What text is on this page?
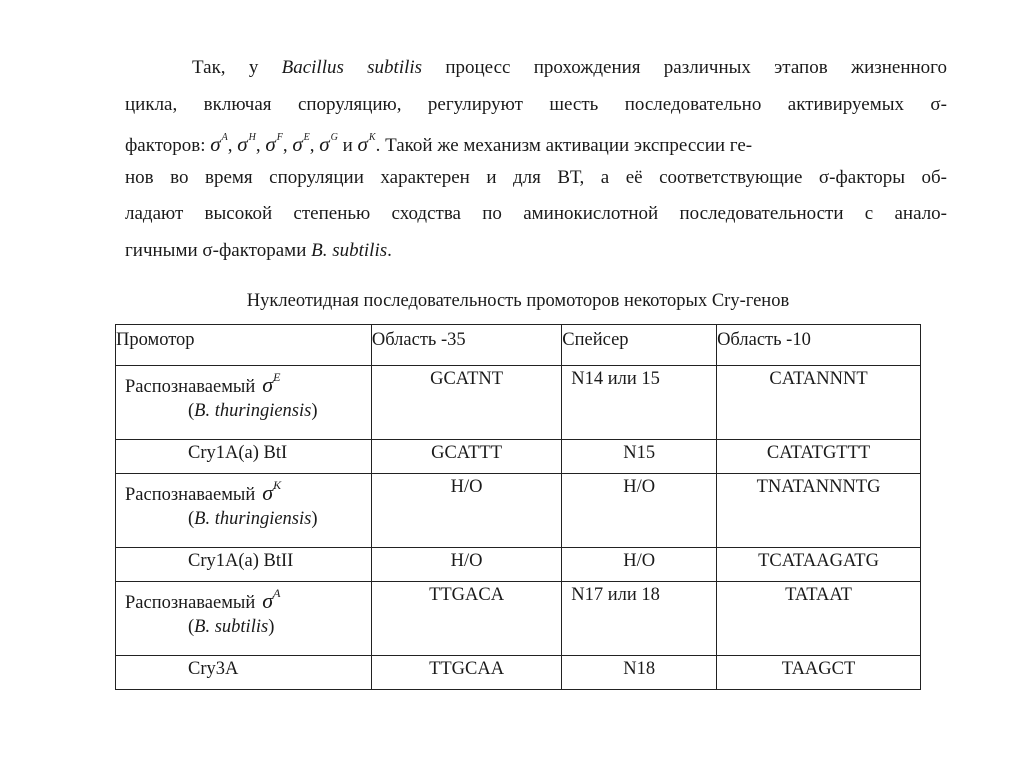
Так, у Bacillus subtilis процесс прохождения различных этапов жизненного
цикла, включая споруляцию, регулируют шесть последовательно активируемых σ-
факторов: $\sigma^A$, $\sigma^H$, $\sigma^F$, $\sigma^E$, $\sigma^G$ и $\sigma^K$. Такой же механизм активации экспрессии ге-
нов во время споруляции характерен и для ВТ, а её соответствующие σ-факторы об-
ладают высокой степенью сходства по аминокислотной последовательности с анало-
гичными σ-факторами B. subtilis.
Нуклеотидная последовательность промоторов некоторых Cry-генов
Промотор	Область -35	Спейсер	Область -10

Распознаваемый $\sigma^E$
(B. thuringiensis)	GCATNT	N14 или 15	CATANNNT

Cry1A(a) BtI	GCATTT	N15	CATATGTTT

Распознаваемый $\sigma^K$
(B. thuringiensis)	Н/О	Н/О	TNATANNNTG

Cry1A(a) BtII	Н/О	Н/О	TCATAAGATG

Распознаваемый $\sigma^A$
(B. subtilis)	TTGACA	N17 или 18	TATAAT

Cry3A	TTGCAA	N18	TAAGCT
